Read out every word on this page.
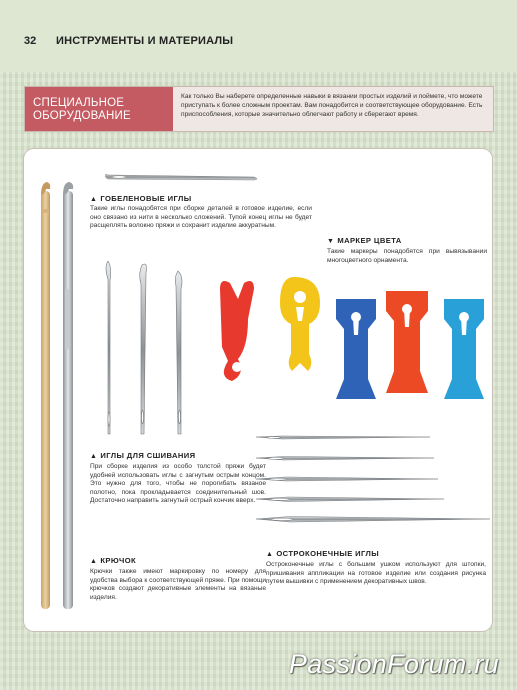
32 ИНСТРУМЕНТЫ И МАТЕРИАЛЫ
СПЕЦИАЛЬНОЕ ОБОРУДОВАНИЕ
Как только Вы наберете определенные навыки в вязании простых изделий и поймете, что можете приступать к более сложным проектам. Вам понадобится и соответствующее оборудование. Есть приспособления, которые значительно облегчают работу и сберегают время.
▲ ГОБЕЛЕНОВЫЕ ИГЛЫ
Такие иглы понадобятся при сборке деталей в готовое изделие, если оно связано из нити в несколько сложений. Тупой конец иглы не будет расщеплять волокно пряжи и сохранит изделие аккуратным.
▼ МАРКЕР ЦВЕТА
Такие маркеры понадобятся при вывязывании многоцветного орнамента.
▲ ИГЛЫ ДЛЯ СШИВАНИЯ
При сборке изделия из особо толстой пряжи будет удобней использовать иглы с загнутым острым концом. Это нужно для того, чтобы не порогибать вязаное полотно, пока прокладывается соединительный шов. Достаточно направить загнутый острый кончик вверх.
▲ КРЮЧОК
Крючки также имеют маркировку по номеру для удобства выбора к соответствующей пряже. При помощи крючков создают декоративные элементы на вязаные изделия.
▲ ОСТРОКОНЕЧНЫЕ ИГЛЫ
Остроконечные иглы с большим ушком используют для штопки, пришивания аппликации на готовое изделие или создания рисунка путем вышивки с применением декоративных швов.
PassionForum.ru
